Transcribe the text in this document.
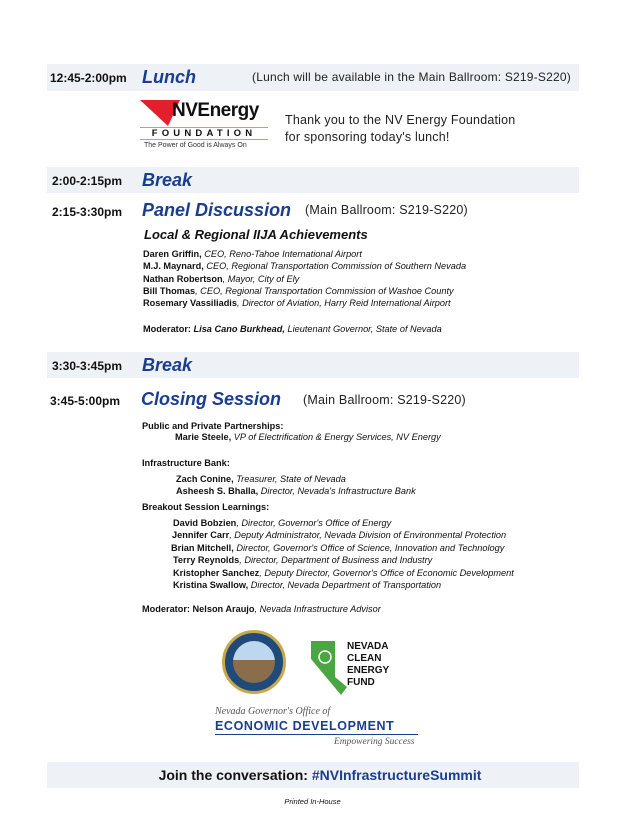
12:45-2:00pm Lunch	(Lunch will be available in the Main Ballroom: S219-S220)
NVEnergy
FOUNDATION
The Power of Good is Always On
Thank you to the NV Energy Foundation
for sponsoring today's lunch!
2:00-2:15pm Break
2:15-3:30pm Panel Discussion (Main Ballroom: S219-S220)
Local & Regional IIJA Achievements
Daren Griffin, CEO, Reno-Tahoe International Airport
M.J. Maynard, CEO, Regional Transportation Commission of Southern Nevada
Nathan Robertson, Mayor, City of Ely
Bill Thomas, CEO, Regional Transportation Commission of Washoe County
Rosemary Vassiliadis, Director of Aviation, Harry Reid International Airport
Moderator: Lisa Cano Burkhead, Lieutenant Governor, State of Nevada
3:30-3:45pm Break
3:45-5:00pm Closing Session (Main Ballroom: S219-S220)
Public and Private Partnerships:
Marie Steele, VP of Electrification & Energy Services, NV Energy
Infrastructure Bank:
Zach Conine, Treasurer, State of Nevada
Asheesh S. Bhalla, Director, Nevada's Infrastructure Bank
Breakout Session Learnings:
David Bobzien, Director, Governor's Office of Energy
Jennifer Carr, Deputy Administrator, Nevada Division of Environmental Protection
Brian Mitchell, Director, Governor's Office of Science, Innovation and Technology
Terry Reynolds, Director, Department of Business and Industry
Kristopher Sanchez, Deputy Director, Governor's Office of Economic Development
Kristina Swallow, Director, Nevada Department of Transportation
Moderator: Nelson Araujo, Nevada Infrastructure Advisor
NEVADA
CLEAN
ENERGY
FUND
Nevada Governor's Office of
ECONOMIC DEVELOPMENT
Empowering Success
Join the conversation: #NVInfrastructureSummit
Printed In-House
